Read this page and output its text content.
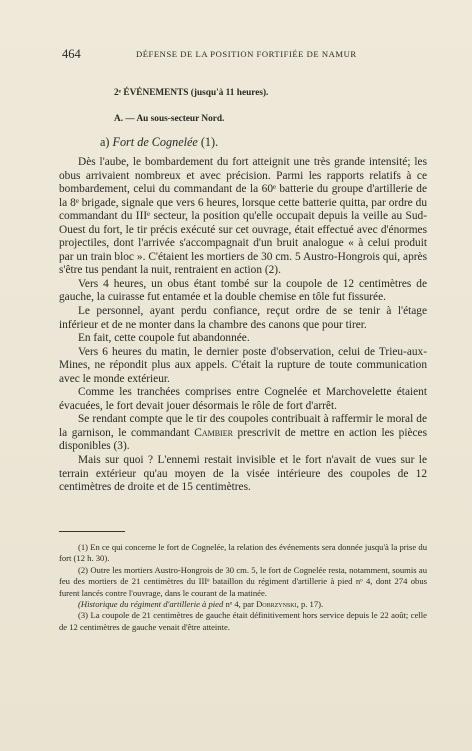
464	DÉFENSE DE LA POSITION FORTIFIÉE DE NAMUR
2ᵉ ÉVÉNEMENTS (jusqu'à 11 heures).
A. — Au sous-secteur Nord.
a) Fort de Cognelée (1).

Dès l'aube, le bombardement du fort atteignit une très grande intensité; les obus arrivaient nombreux et avec précision. Parmi les rapports relatifs à ce bombardement, celui du commandant de la 60ᵉ batterie du groupe d'artillerie de la 8ᵉ brigade, signale que vers 6 heures, lorsque cette batterie quitta, par ordre du commandant du IIIᵉ secteur, la position qu'elle occupait depuis la veille au Sud-Ouest du fort, le tir précis exécuté sur cet ouvrage, était effectué avec d'énormes projectiles, dont l'arrivée s'accompagnait d'un bruit analogue « à celui produit par un train bloc ». C'étaient les mortiers de 30 cm. 5 Austro-Hongrois qui, après s'être tus pendant la nuit, rentraient en action (2).

Vers 4 heures, un obus étant tombé sur la coupole de 12 centimètres de gauche, la cuirasse fut entamée et la double chemise en tôle fut fissurée.

Le personnel, ayant perdu confiance, reçut ordre de se tenir à l'étage inférieur et de ne monter dans la chambre des canons que pour tirer.

En fait, cette coupole fut abandonnée.

Vers 6 heures du matin, le dernier poste d'observation, celui de Trieu-aux-Mines, ne répondit plus aux appels. C'était la rupture de toute communication avec le monde extérieur.

Comme les tranchées comprises entre Cognelée et Marchovelette étaient évacuées, le fort devait jouer désormais le rôle de fort d'arrêt.

Se rendant compte que le tir des coupoles contribuait à raffermir le moral de la garnison, le commandant Cambier prescrivit de mettre en action les pièces disponibles (3).

Mais sur quoi ? L'ennemi restait invisible et le fort n'avait de vues sur le terrain extérieur qu'au moyen de la visée intérieure des coupoles de 12 centimètres de droite et de 15 centimètres.

(1) En ce qui concerne le fort de Cognelée, la relation des événements sera donnée jusqu'à la prise du fort (12 h. 30).

(2) Outre les mortiers Austro-Hongrois de 30 cm. 5, le fort de Cognelée resta, notamment, soumis au feu des mortiers de 21 centimètres du IIIᵉ bataillon du régiment d'artillerie à pied nᵒ 4, dont 274 obus furent lancés contre l'ouvrage, dans le courant de la matinée.

(Historique du régiment d'artillerie à pied nᵒ 4, par Dobrzynski, p. 17).

(3) La coupole de 21 centimètres de gauche était définitivement hors service depuis le 22 août; celle de 12 centimètres de gauche venait d'être atteinte.
